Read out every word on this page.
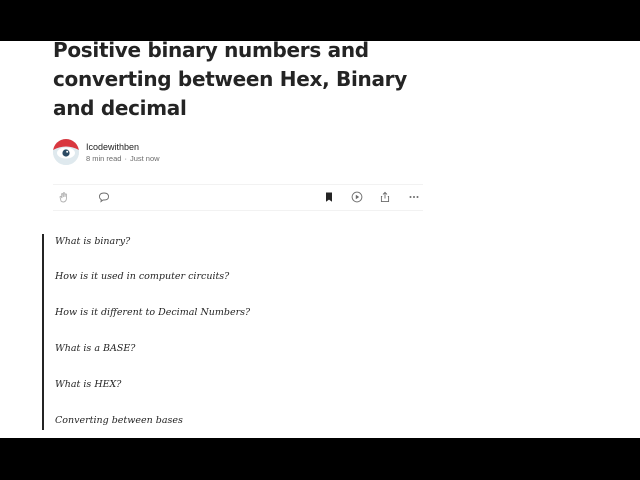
Positive binary numbers and converting between Hex, Binary and decimal
Icodewithben
8 min read · Just now
What is binary?
How is it used in computer circuits?
How is it different to Decimal Numbers?
What is a BASE?
What is HEX?
Converting between bases
